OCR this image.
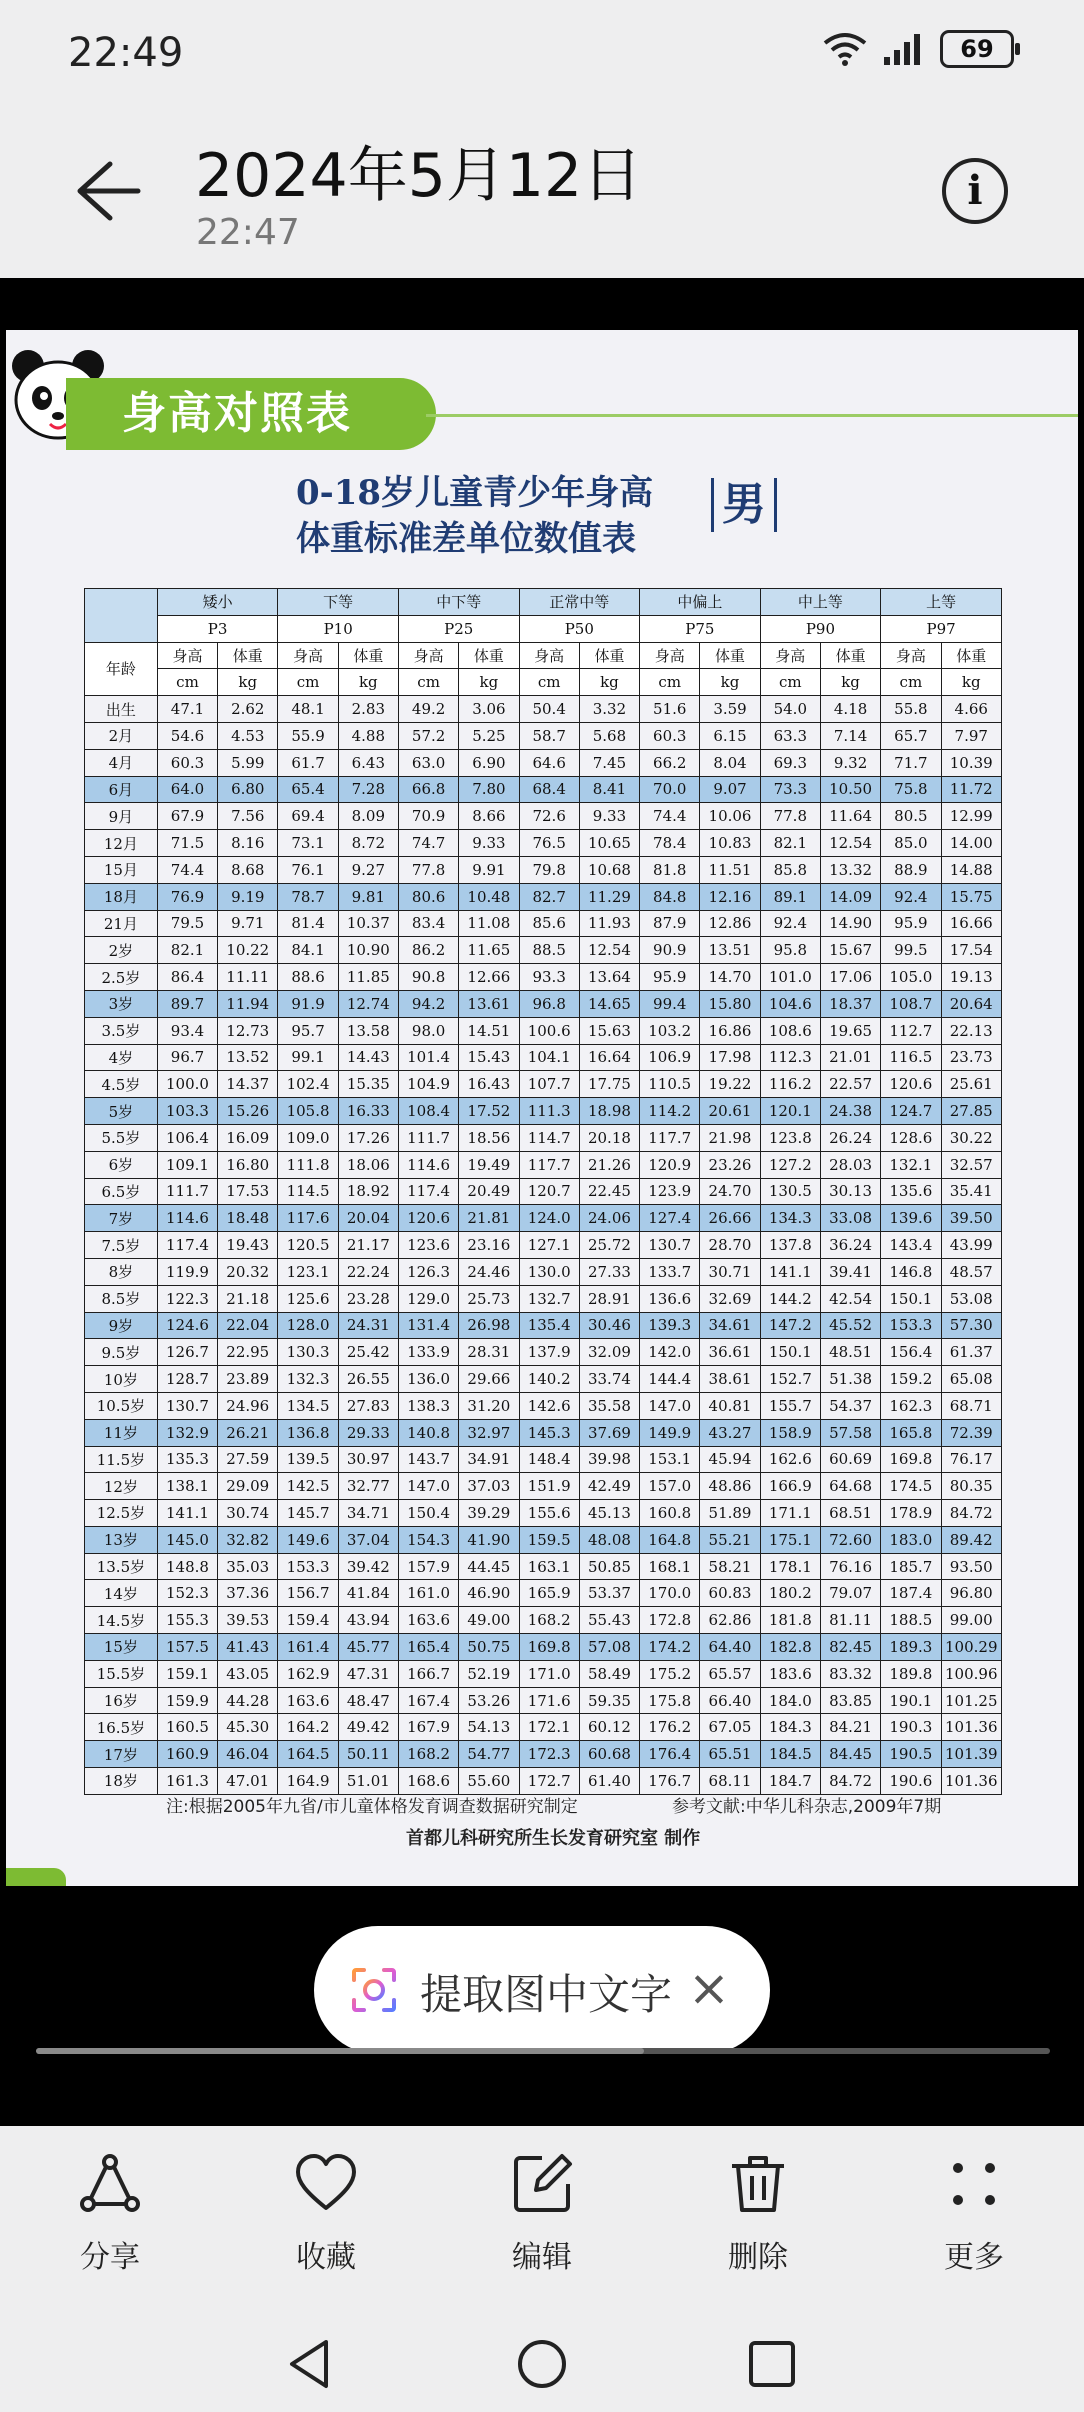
22:49	69
2024年5月12日
22:47
i
身高对照表
0-18岁儿童青少年身高
体重标准差单位数值表
男
	矮小		下等		中下等		正常中等		中偏上		中上等		上等	
	P3		P10		P25		P50		P75		P90		P97	
年龄	身高	体重	身高	体重	身高	体重	身高	体重	身高	体重	身高	体重	身高	体重
	cm	kg	cm	kg	cm	kg	cm	kg	cm	kg	cm	kg	cm	kg
出生	47.1	2.62	48.1	2.83	49.2	3.06	50.4	3.32	51.6	3.59	54.0	4.18	55.8	4.66
2月	54.6	4.53	55.9	4.88	57.2	5.25	58.7	5.68	60.3	6.15	63.3	7.14	65.7	7.97
4月	60.3	5.99	61.7	6.43	63.0	6.90	64.6	7.45	66.2	8.04	69.3	9.32	71.7	10.39
6月	64.0	6.80	65.4	7.28	66.8	7.80	68.4	8.41	70.0	9.07	73.3	10.50	75.8	11.72
9月	67.9	7.56	69.4	8.09	70.9	8.66	72.6	9.33	74.4	10.06	77.8	11.64	80.5	12.99
12月	71.5	8.16	73.1	8.72	74.7	9.33	76.5	10.65	78.4	10.83	82.1	12.54	85.0	14.00
15月	74.4	8.68	76.1	9.27	77.8	9.91	79.8	10.68	81.8	11.51	85.8	13.32	88.9	14.88
18月	76.9	9.19	78.7	9.81	80.6	10.48	82.7	11.29	84.8	12.16	89.1	14.09	92.4	15.75
21月	79.5	9.71	81.4	10.37	83.4	11.08	85.6	11.93	87.9	12.86	92.4	14.90	95.9	16.66
2岁	82.1	10.22	84.1	10.90	86.2	11.65	88.5	12.54	90.9	13.51	95.8	15.67	99.5	17.54
2.5岁	86.4	11.11	88.6	11.85	90.8	12.66	93.3	13.64	95.9	14.70	101.0	17.06	105.0	19.13
3岁	89.7	11.94	91.9	12.74	94.2	13.61	96.8	14.65	99.4	15.80	104.6	18.37	108.7	20.64
3.5岁	93.4	12.73	95.7	13.58	98.0	14.51	100.6	15.63	103.2	16.86	108.6	19.65	112.7	22.13
4岁	96.7	13.52	99.1	14.43	101.4	15.43	104.1	16.64	106.9	17.98	112.3	21.01	116.5	23.73
4.5岁	100.0	14.37	102.4	15.35	104.9	16.43	107.7	17.75	110.5	19.22	116.2	22.57	120.6	25.61
5岁	103.3	15.26	105.8	16.33	108.4	17.52	111.3	18.98	114.2	20.61	120.1	24.38	124.7	27.85
5.5岁	106.4	16.09	109.0	17.26	111.7	18.56	114.7	20.18	117.7	21.98	123.8	26.24	128.6	30.22
6岁	109.1	16.80	111.8	18.06	114.6	19.49	117.7	21.26	120.9	23.26	127.2	28.03	132.1	32.57
6.5岁	111.7	17.53	114.5	18.92	117.4	20.49	120.7	22.45	123.9	24.70	130.5	30.13	135.6	35.41
7岁	114.6	18.48	117.6	20.04	120.6	21.81	124.0	24.06	127.4	26.66	134.3	33.08	139.6	39.50
7.5岁	117.4	19.43	120.5	21.17	123.6	23.16	127.1	25.72	130.7	28.70	137.8	36.24	143.4	43.99
8岁	119.9	20.32	123.1	22.24	126.3	24.46	130.0	27.33	133.7	30.71	141.1	39.41	146.8	48.57
8.5岁	122.3	21.18	125.6	23.28	129.0	25.73	132.7	28.91	136.6	32.69	144.2	42.54	150.1	53.08
9岁	124.6	22.04	128.0	24.31	131.4	26.98	135.4	30.46	139.3	34.61	147.2	45.52	153.3	57.30
9.5岁	126.7	22.95	130.3	25.42	133.9	28.31	137.9	32.09	142.0	36.61	150.1	48.51	156.4	61.37
10岁	128.7	23.89	132.3	26.55	136.0	29.66	140.2	33.74	144.4	38.61	152.7	51.38	159.2	65.08
10.5岁	130.7	24.96	134.5	27.83	138.3	31.20	142.6	35.58	147.0	40.81	155.7	54.37	162.3	68.71
11岁	132.9	26.21	136.8	29.33	140.8	32.97	145.3	37.69	149.9	43.27	158.9	57.58	165.8	72.39
11.5岁	135.3	27.59	139.5	30.97	143.7	34.91	148.4	39.98	153.1	45.94	162.6	60.69	169.8	76.17
12岁	138.1	29.09	142.5	32.77	147.0	37.03	151.9	42.49	157.0	48.86	166.9	64.68	174.5	80.35
12.5岁	141.1	30.74	145.7	34.71	150.4	39.29	155.6	45.13	160.8	51.89	171.1	68.51	178.9	84.72
13岁	145.0	32.82	149.6	37.04	154.3	41.90	159.5	48.08	164.8	55.21	175.1	72.60	183.0	89.42
13.5岁	148.8	35.03	153.3	39.42	157.9	44.45	163.1	50.85	168.1	58.21	178.1	76.16	185.7	93.50
14岁	152.3	37.36	156.7	41.84	161.0	46.90	165.9	53.37	170.0	60.83	180.2	79.07	187.4	96.80
14.5岁	155.3	39.53	159.4	43.94	163.6	49.00	168.2	55.43	172.8	62.86	181.8	81.11	188.5	99.00
15岁	157.5	41.43	161.4	45.77	165.4	50.75	169.8	57.08	174.2	64.40	182.8	82.45	189.3	100.29
15.5岁	159.1	43.05	162.9	47.31	166.7	52.19	171.0	58.49	175.2	65.57	183.6	83.32	189.8	100.96
16岁	159.9	44.28	163.6	48.47	167.4	53.26	171.6	59.35	175.8	66.40	184.0	83.85	190.1	101.25
16.5岁	160.5	45.30	164.2	49.42	167.9	54.13	172.1	60.12	176.2	67.05	184.3	84.21	190.3	101.36
17岁	160.9	46.04	164.5	50.11	168.2	54.77	172.3	60.68	176.4	65.51	184.5	84.45	190.5	101.39
18岁	161.3	47.01	164.9	51.01	168.6	55.60	172.7	61.40	176.7	68.11	184.7	84.72	190.6	101.36
注:根据2005年九省/市儿童体格发育调查数据研究制定	参考文献:中华儿科杂志,2009年7期
首都儿科研究所生长发育研究室 制作
提取图中文字 ×
分享	收藏	编辑	删除	更多
